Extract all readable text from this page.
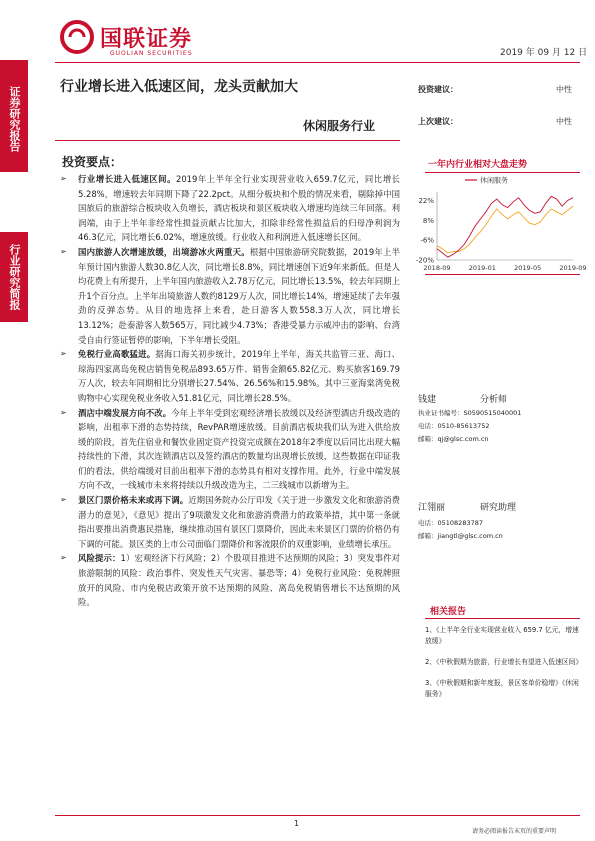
证券研究报告
行业研究简报
国联证券
GUOLIAN SECURITIES	2019 年 09 月 12 日
行业增长进入低速区间，龙头贡献加大
休闲服务行业
投资建议：	中性
上次建议：	中性
投资要点：
➢ 行业增长进入低速区间。2019年上半年全行业实现营业收入659.7亿元，同比增长5.28%，增速较去年同期下降了22.2pct。从细分板块和个股的情况来看，剔除掉中国国旅后的旅游综合板块收入负增长，酒店板块和景区板块收入增速均连续三年回落。利润端，由于上半年非经常性损益贡献占比加大，扣除非经常性损益后的归母净利润为46.3亿元，同比增长6.02%，增速放缓。行业收入和利润进入低速增长区间。
➢ 国内旅游人次增速放缓，出境游冰火两重天。根据中国旅游研究院数据，2019年上半年预计国内旅游人数30.8亿人次，同比增长8.8%，同比增速创下近9年来新低。但是人均花费上有所提升，上半年国内旅游收入2.78万亿元，同比增长13.5%，较去年同期上升1个百分点。上半年出境旅游人数约8129万人次，同比增长14%，增速延续了去年强劲的反弹态势。从目的地选择上来看，赴日游客人数558.3万人次，同比增长13.12%；赴泰游客人数565万，同比减少4.73%；香港受暴力示威冲击的影响、台湾受自由行签证暂停的影响，下半年增长受阻。
➢ 免税行业高歌猛进。据海口海关初步统计，2019年上半年，海关共监管三亚、海口、琼海四家离岛免税店销售免税品893.65万件、销售金额65.82亿元、购买旅客169.79万人次，较去年同期相比分别增长27.54%、26.56%和15.98%。其中三亚海棠湾免税购物中心实现免税业务收入51.81亿元，同比增长28.5%。
➢ 酒店中端发展方向不改。今年上半年受到宏观经济增长放缓以及经济型酒店升级改造的影响，出租率下滑的态势持续，RevPAR增速放缓。目前酒店板块我们认为进入供给放缓的阶段，首先住宿业和餐饮业固定资产投资完成额在2018年2季度以后同比出现大幅持续性的下滑，其次连锁酒店以及签约酒店的数量均出现增长放缓，这些数据在印证我们的看法，供给端缓对目前出租率下滑的态势具有相对支撑作用。此外，行业中端发展方向不改，一线城市未来将持续以升级改造为主，二三线城市以新增为主。
➢ 景区门票价格未来或再下调。近期国务院办公厅印发《关于进一步激发文化和旅游消费潜力的意见》，《意见》提出了9项激发文化和旅游消费潜力的政策举措，其中第一条就指出要推出消费惠民措施，继续推动国有景区门票降价，因此未来景区门票的价格仍有下调的可能。景区类的上市公司面临门票降价和客流限价的双重影响，业绩增长承压。
➢ 风险提示：1）宏观经济下行风险；2）个股项目推进不达预期的风险；3）突发事件对旅游限制的风险：政治事件、突发性天气灾害、暴恐等；4）免税行业风险：免税牌照放开的风险、市内免税店政策开放不达预期的风险、离岛免税销售增长不达预期的风险。
一年内行业相对大盘走势
22%
8%
-6%
-20%
2018-09	2019-01	2019-05	2019-09
休闲服务
钱建	分析师
执业证书编号：S0590515040001
电话：0510-85613752
邮箱：qj@glsc.com.cn
江翎丽	研究助理
电话：05108283787
邮箱：jiangtl@glsc.com.cn
相关报告

1、《上半年全行业实现营业收入 659.7 亿元，增速放缓》

2、《中秋假期为旅游，行业增长有望进入低速区间》

3、《中秋假期和新年度报，景区客单价稳增》《休闲服务》

1
请务必阅读报告末页的重要声明
